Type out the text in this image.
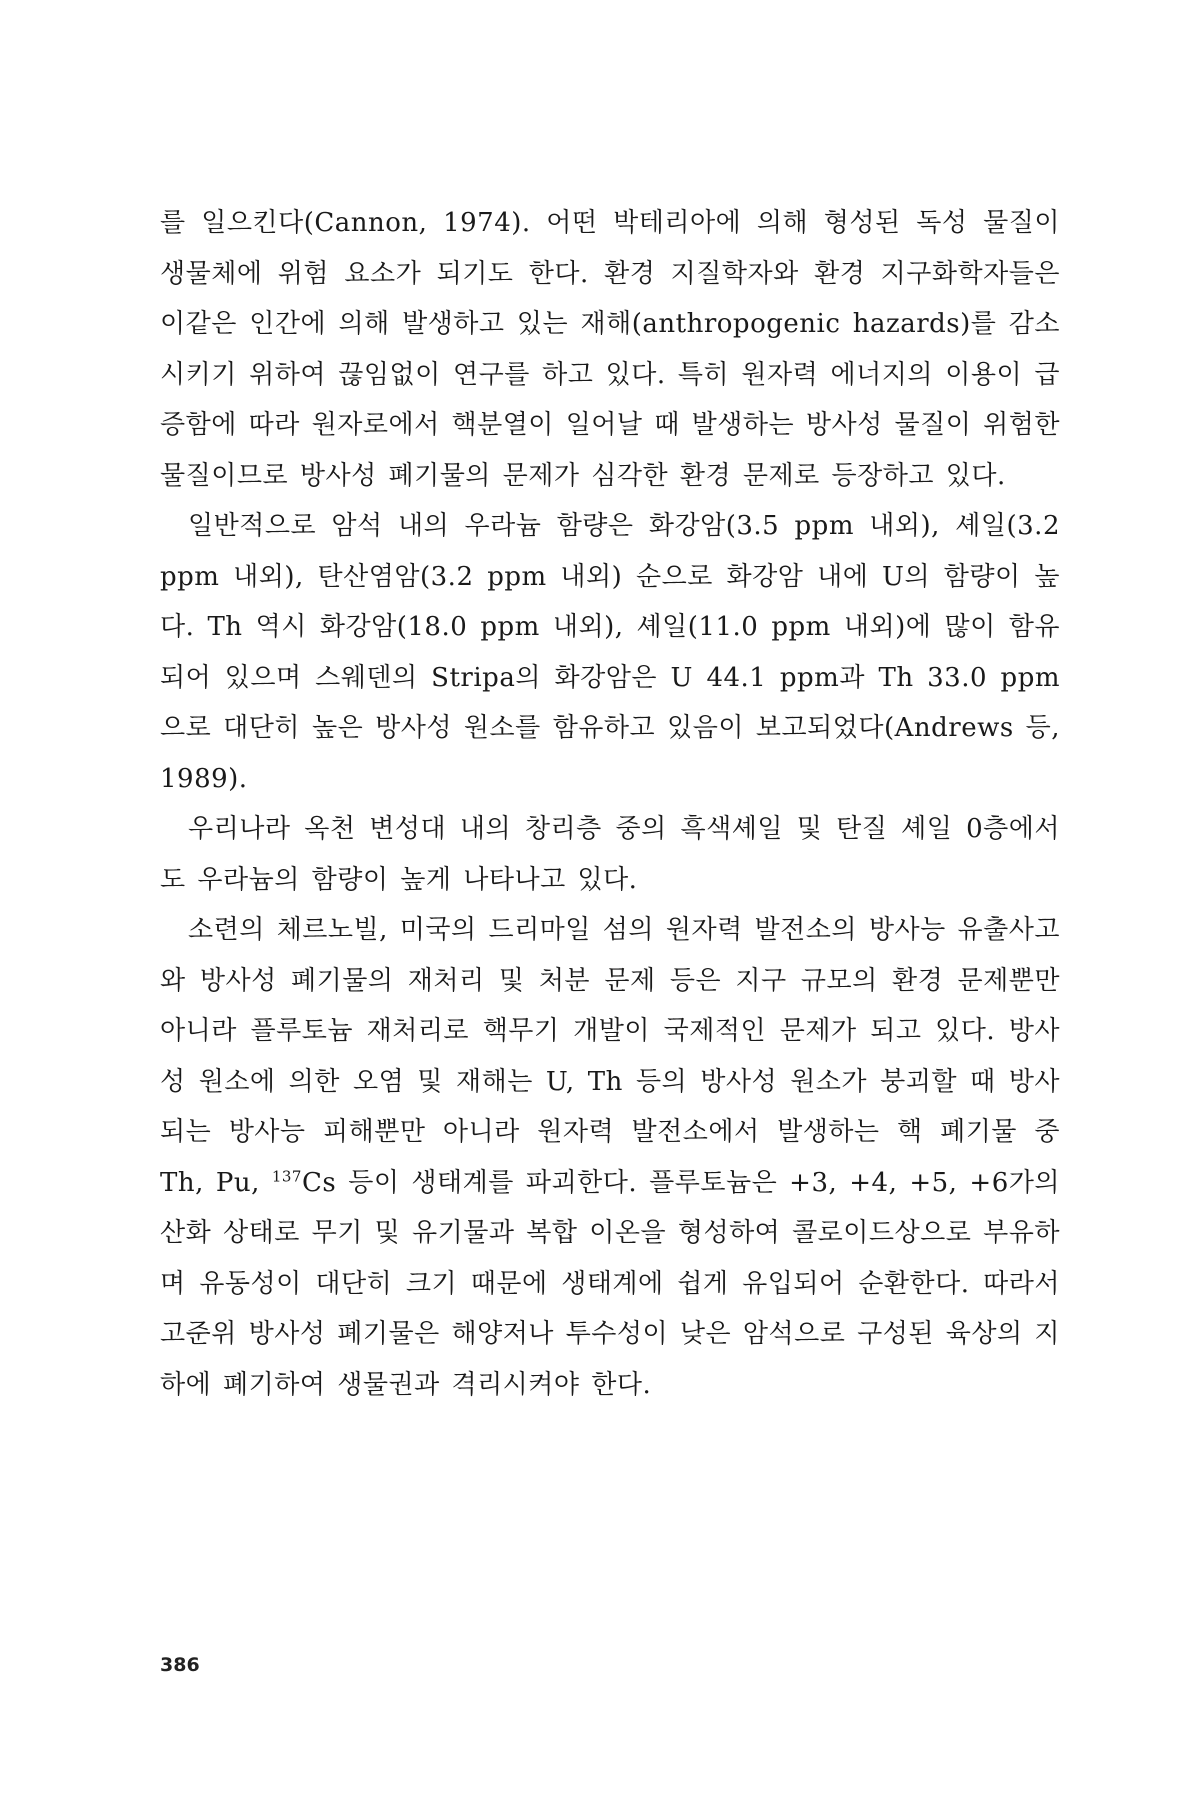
를 일으킨다(Cannon, 1974). 어떤 박테리아에 의해 형성된 독성 물질이 생물체에 위험 요소가 되기도 한다. 환경 지질학자와 환경 지구화학자들은 이같은 인간에 의해 발생하고 있는 재해(anthropogenic hazards)를 감소시키기 위하여 끊임없이 연구를 하고 있다. 특히 원자력 에너지의 이용이 급증함에 따라 원자로에서 핵분열이 일어날 때 발생하는 방사성 물질이 위험한 물질이므로 방사성 폐기물의 문제가 심각한 환경 문제로 등장하고 있다.

일반적으로 암석 내의 우라늄 함량은 화강암(3.5 ppm 내외), 셰일(3.2 ppm 내외), 탄산염암(3.2 ppm 내외) 순으로 화강암 내에 U의 함량이 높다. Th 역시 화강암(18.0 ppm 내외), 셰일(11.0 ppm 내외)에 많이 함유되어 있으며 스웨덴의 Stripa의 화강암은 U 44.1 ppm과 Th 33.0 ppm으로 대단히 높은 방사성 원소를 함유하고 있음이 보고되었다(Andrews 등, 1989).

우리나라 옥천 변성대 내의 창리층 중의 흑색셰일 및 탄질 셰일 0층에서도 우라늄의 함량이 높게 나타나고 있다.

소련의 체르노빌, 미국의 드리마일 섬의 원자력 발전소의 방사능 유출사고와 방사성 폐기물의 재처리 및 처분 문제 등은 지구 규모의 환경 문제뿐만 아니라 플루토늄 재처리로 핵무기 개발이 국제적인 문제가 되고 있다. 방사성 원소에 의한 오염 및 재해는 U, Th 등의 방사성 원소가 붕괴할 때 방사되는 방사능 피해뿐만 아니라 원자력 발전소에서 발생하는 핵 폐기물 중 Th, Pu, $^{137}$Cs 등이 생태계를 파괴한다. 플루토늄은 +3, +4, +5, +6가의 산화 상태로 무기 및 유기물과 복합 이온을 형성하여 콜로이드상으로 부유하며 유동성이 대단히 크기 때문에 생태계에 쉽게 유입되어 순환한다. 따라서 고준위 방사성 폐기물은 해양저나 투수성이 낮은 암석으로 구성된 육상의 지하에 폐기하여 생물권과 격리시켜야 한다.

386
